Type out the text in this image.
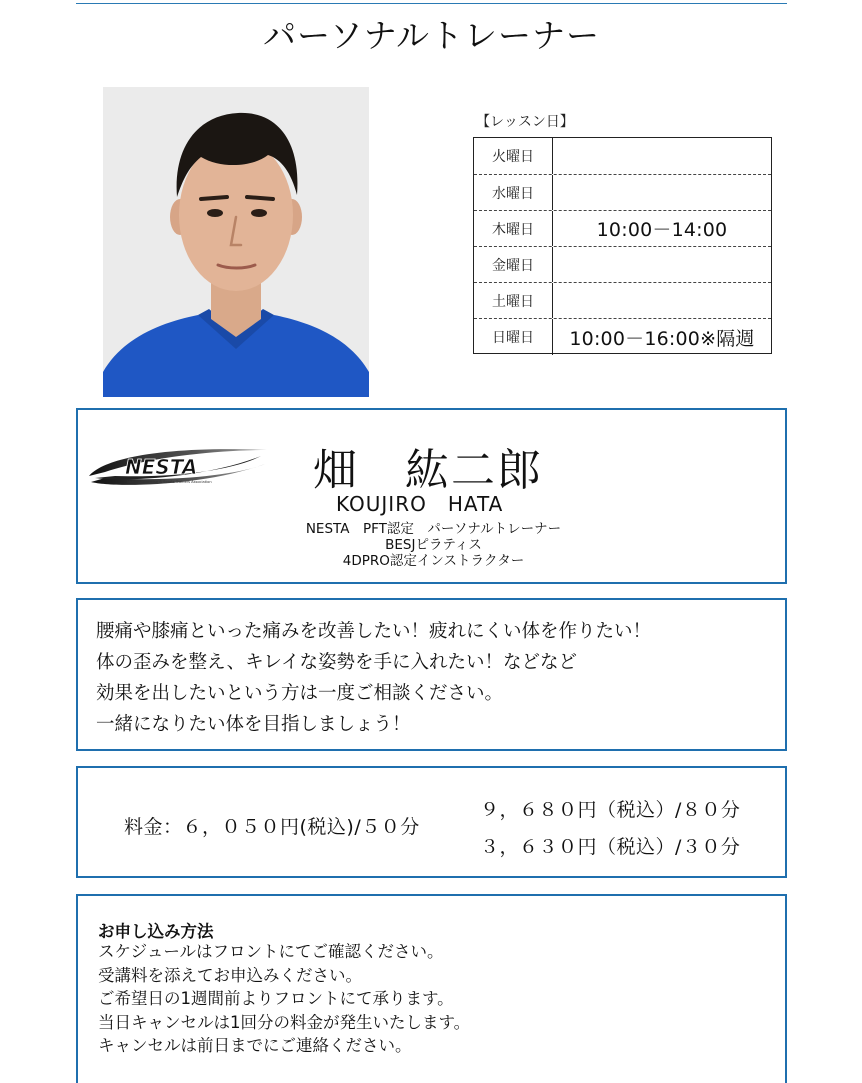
パーソナルトレーナー
【レッスン日】
火曜日
水曜日
木曜日	10:00－14:00
金曜日
土曜日
日曜日	10:00－16:00※隔週
NESTA
National Exercise & Sports Trainers Association 畑　紘二郎
KOUJIRO　HATA
NESTA　PFT認定　パーソナルトレーナー
BESJピラティス
4DPRO認定インストラクター
腰痛や膝痛といった痛みを改善したい！疲れにくい体を作りたい！
体の歪みを整え、キレイな姿勢を手に入れたい！などなど
効果を出したいという方は一度ご相談ください。
一緒になりたい体を目指しましょう！
料金：６，０５０円(税込)/５０分
９，６８０円（税込）/８０分
３，６３０円（税込）/３０分
お申し込み方法
スケジュールはフロントにてご確認ください。
受講料を添えてお申込みください。
ご希望日の1週間前よりフロントにて承ります。
当日キャンセルは1回分の料金が発生いたします。
キャンセルは前日までにご連絡ください。
